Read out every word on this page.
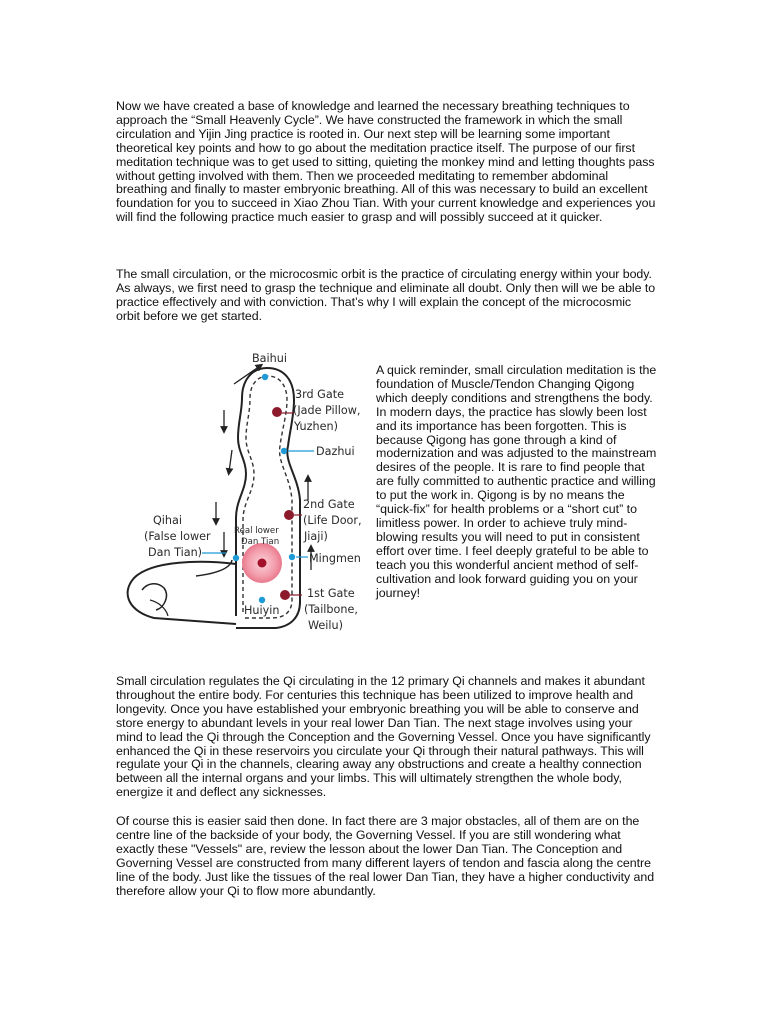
Now we have created a base of knowledge and learned the necessary breathing techniques to approach the “Small Heavenly Cycle”. We have constructed the framework in which the small circulation and Yijin Jing practice is rooted in. Our next step will be learning some important theoretical key points and how to go about the meditation practice itself. The purpose of our first meditation technique was to get used to sitting, quieting the monkey mind and letting thoughts pass without getting involved with them. Then we proceeded meditating to remember abdominal breathing and finally to master embryonic breathing. All of this was necessary to build an excellent foundation for you to succeed in Xiao Zhou Tian. With your current knowledge and experiences you will find the following practice much easier to grasp and will possibly succeed at it quicker.

The small circulation, or the microcosmic orbit is the practice of circulating energy within your body. As always, we first need to grasp the technique and eliminate all doubt. Only then will we be able to practice effectively and with conviction. That’s why I will explain the concept of the microcosmic orbit before we get started.

Baihui
3rd Gate
(Jade Pillow,
Yuzhen)
Dazhui
2nd Gate
(Life Door,
Jiaji)
Mingmen
1st Gate
(Tailbone,
Weilu)
Huiyin
Qihai
(False lower
Dan Tian)
Real lower
Dan Tian

A quick reminder, small circulation meditation is the foundation of Muscle/Tendon Changing Qigong which deeply conditions and strengthens the body. In modern days, the practice has slowly been lost and its importance has been forgotten. This is because Qigong has gone through a kind of modernization and was adjusted to the mainstream desires of the people. It is rare to find people that are fully committed to authentic practice and willing to put the work in. Qigong is by no means the “quick-fix” for health problems or a “short cut” to limitless power. In order to achieve truly mind-blowing results you will need to put in consistent effort over time. I feel deeply grateful to be able to teach you this wonderful ancient method of self-cultivation and look forward guiding you on your journey!

Small circulation regulates the Qi circulating in the 12 primary Qi channels and makes it abundant throughout the entire body. For centuries this technique has been utilized to improve health and longevity. Once you have established your embryonic breathing you will be able to conserve and store energy to abundant levels in your real lower Dan Tian. The next stage involves using your mind to lead the Qi through the Conception and the Governing Vessel. Once you have significantly enhanced the Qi in these reservoirs you circulate your Qi through their natural pathways. This will regulate your Qi in the channels, clearing away any obstructions and create a healthy connection between all the internal organs and your limbs. This will ultimately strengthen the whole body, energize it and deflect any sicknesses.

Of course this is easier said then done. In fact there are 3 major obstacles, all of them are on the centre line of the backside of your body, the Governing Vessel. If you are still wondering what exactly these "Vessels" are, review the lesson about the lower Dan Tian. The Conception and Governing Vessel are constructed from many different layers of tendon and fascia along the centre line of the body. Just like the tissues of the real lower Dan Tian, they have a higher conductivity and therefore allow your Qi to flow more abundantly.
